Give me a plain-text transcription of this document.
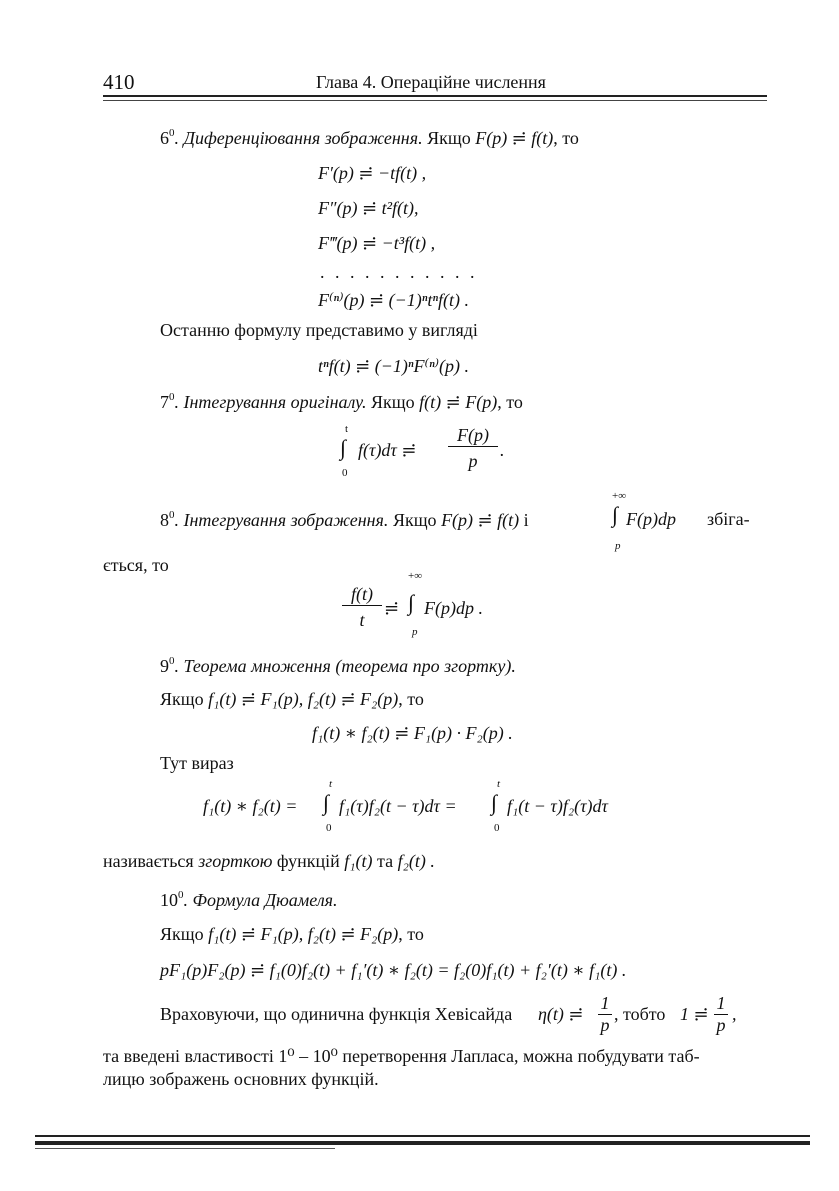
410	Глава 4. Операційне числення
$6^0$. Диференціювання зображення. Якщо F(p) ≓ f(t), то
F′(p) ≓ −tf(t) ,
F″(p) ≓ t²f(t),
F‴(p) ≓ −t³f(t) ,
. . . . . . . . . . .
F⁽ⁿ⁾(p) ≓ (−1)ⁿtⁿf(t) .
Останню формулу представимо у вигляді
tⁿf(t) ≓ (−1)ⁿF⁽ⁿ⁾(p) .
$7^0$. Інтегрування оригіналу. Якщо f(t) ≓ F(p), то
t
∫
0
f(τ)dτ ≓
F(p)
p
.
$8^0$. Інтегрування зображення. Якщо F(p) ≓ f(t) і
+∞
∫
p
F(p)dp збіга-
ється, то
f(t)
t
≓
+∞
∫
p
F(p)dp .
$9^0$. Теорема множення (теорема про згортку).
Якщо f₁(t) ≓ F₁(p), f₂(t) ≓ F₂(p), то
f₁(t) ∗ f₂(t) ≓ F₁(p) · F₂(p) .
Тут вираз
f₁(t) ∗ f₂(t) =
t
∫
0
f₁(τ)f₂(t − τ)dτ =
t
∫
0
f₁(t − τ)f₂(τ)dτ
називається згорткою функцій f₁(t) та f₂(t) .
$10^0$. Формула Дюамеля.
Якщо f₁(t) ≓ F₁(p), f₂(t) ≓ F₂(p), то
pF₁(p)F₂(p) ≓ f₁(0)f₂(t) + f₁′(t) ∗ f₂(t) = f₂(0)f₁(t) + f₂′(t) ∗ f₁(t) .
Враховуючи, що одинична функція Хевісайда η(t) ≓
1
p
, тобто 1 ≓
1
p
,
та введені властивості 1⁰ – 10⁰ перетворення Лапласа, можна побудувати таб-
лицю зображень основних функцій.
